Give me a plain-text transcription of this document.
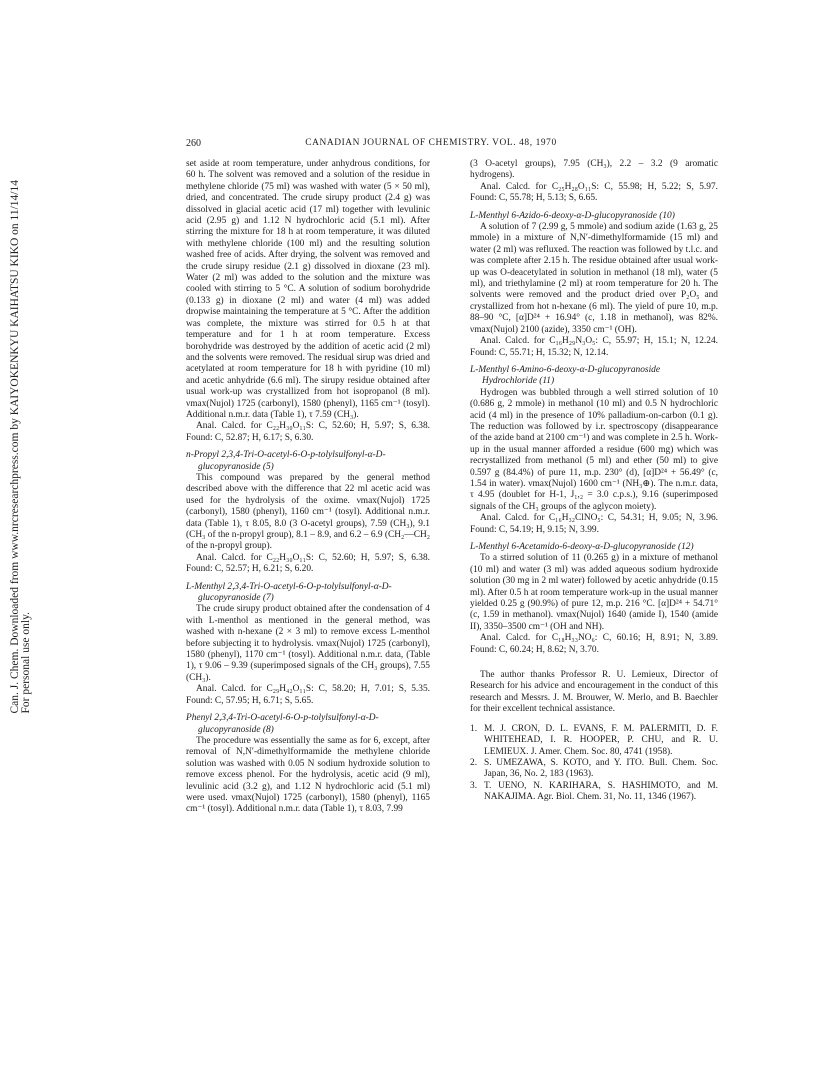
Can. J. Chem. Downloaded from www.nrcresearchpress.com by KAIYOKENKYU KAIHATSU KIKO on 11/14/14
For personal use only.
260	CANADIAN JOURNAL OF CHEMISTRY. VOL. 48, 1970

set aside at room temperature, under anhydrous conditions, for 60 h. The solvent was removed and a solution of the residue in methylene chloride (75 ml) was washed with water (5 × 50 ml), dried, and concentrated. The crude sirupy product (2.4 g) was dissolved in glacial acetic acid (17 ml) together with levulinic acid (2.95 g) and 1.12 N hydrochloric acid (5.1 ml). After stirring the mixture for 18 h at room temperature, it was diluted with methylene chloride (100 ml) and the resulting solution washed free of acids. After drying, the solvent was removed and the crude sirupy residue (2.1 g) dissolved in dioxane (23 ml). Water (2 ml) was added to the solution and the mixture was cooled with stirring to 5 °C. A solution of sodium borohydride (0.133 g) in dioxane (2 ml) and water (4 ml) was added dropwise maintaining the temperature at 5 °C. After the addition was complete, the mixture was stirred for 0.5 h at that temperature and for 1 h at room temperature. Excess borohydride was destroyed by the addition of acetic acid (2 ml) and the solvents were removed. The residual sirup was dried and acetylated at room temperature for 18 h with pyridine (10 ml) and acetic anhydride (6.6 ml). The sirupy residue obtained after usual work-up was crystallized from hot isopropanol (8 ml). νmax(Nujol) 1725 (carbonyl), 1580 (phenyl), 1165 cm⁻¹ (tosyl). Additional n.m.r. data (Table 1), τ 7.59 (CH₃).

Anal. Calcd. for C₂₂H₃₀O₁₁S: C, 52.60; H, 5.97; S, 6.38. Found: C, 52.87; H, 6.17; S, 6.30.

n-Propyl 2,3,4-Tri-O-acetyl-6-O-p-tolylsulfonyl-α-D-
glucopyranoside (5)

This compound was prepared by the general method described above with the difference that 22 ml acetic acid was used for the hydrolysis of the oxime. νmax(Nujol) 1725 (carbonyl), 1580 (phenyl), 1160 cm⁻¹ (tosyl). Additional n.m.r. data (Table 1), τ 8.05, 8.0 (3 O-acetyl groups), 7.59 (CH₃), 9.1 (CH₃ of the n-propyl group), 8.1 – 8.9, and 6.2 – 6.9 (CH₂—CH₂ of the n-propyl group).

Anal. Calcd. for C₂₂H₃₀O₁₁S: C, 52.60; H, 5.97; S, 6.38. Found: C, 52.57; H, 6.21; S, 6.20.

L-Menthyl 2,3,4-Tri-O-acetyl-6-O-p-tolylsulfonyl-α-D-
glucopyranoside (7)

The crude sirupy product obtained after the condensation of 4 with L-menthol as mentioned in the general method, was washed with n-hexane (2 × 3 ml) to remove excess L-menthol before subjecting it to hydrolysis. νmax(Nujol) 1725 (carbonyl), 1580 (phenyl), 1170 cm⁻¹ (tosyl). Additional n.m.r. data, (Table 1), τ 9.06 – 9.39 (superimposed signals of the CH₃ groups), 7.55 (CH₃).

Anal. Calcd. for C₂₉H₄₂O₁₁S: C, 58.20; H, 7.01; S, 5.35. Found: C, 57.95; H, 6.71; S, 5.65.

Phenyl 2,3,4-Tri-O-acetyl-6-O-p-tolylsulfonyl-α-D-
glucopyranoside (8)

The procedure was essentially the same as for 6, except, after removal of N,N′-dimethylformamide the methylene chloride solution was washed with 0.05 N sodium hydroxide solution to remove excess phenol. For the hydrolysis, acetic acid (9 ml), levulinic acid (3.2 g), and 1.12 N hydrochloric acid (5.1 ml) were used. νmax(Nujol) 1725 (carbonyl), 1580 (phenyl), 1165 cm⁻¹ (tosyl). Additional n.m.r. data (Table 1), τ 8.03, 7.99

(3 O-acetyl groups), 7.95 (CH₃), 2.2 – 3.2 (9 aromatic hydrogens).

Anal. Calcd. for C₂₅H₂₈O₁₁S: C, 55.98; H, 5.22; S, 5.97. Found: C, 55.78; H, 5.13; S, 6.65.

L-Menthyl 6-Azido-6-deoxy-α-D-glucopyranoside (10)

A solution of 7 (2.99 g, 5 mmole) and sodium azide (1.63 g, 25 mmole) in a mixture of N,N′-dimethylformamide (15 ml) and water (2 ml) was refluxed. The reaction was followed by t.l.c. and was complete after 2.15 h. The residue obtained after usual work-up was O-deacetylated in solution in methanol (18 ml), water (5 ml), and triethylamine (2 ml) at room temperature for 20 h. The solvents were removed and the product dried over P₂O₅ and crystallized from hot n-hexane (6 ml). The yield of pure 10, m.p. 88–90 °C, [α]D²⁴ + 16.94° (c, 1.18 in methanol), was 82%. νmax(Nujol) 2100 (azide), 3350 cm⁻¹ (OH).

Anal. Calcd. for C₁₆H₂₉N₃O₅: C, 55.97; H, 15.1; N, 12.24. Found: C, 55.71; H, 15.32; N, 12.14.

L-Menthyl 6-Amino-6-deoxy-α-D-glucopyranoside
Hydrochloride (11)

Hydrogen was bubbled through a well stirred solution of 10 (0.686 g, 2 mmole) in methanol (10 ml) and 0.5 N hydrochloric acid (4 ml) in the presence of 10% palladium-on-carbon (0.1 g). The reduction was followed by i.r. spectroscopy (disappearance of the azide band at 2100 cm⁻¹) and was complete in 2.5 h. Work-up in the usual manner afforded a residue (600 mg) which was recrystallized from methanol (5 ml) and ether (50 ml) to give 0.597 g (84.4%) of pure 11, m.p. 230° (d), [α]D²⁴ + 56.49° (c, 1.54 in water). νmax(Nujol) 1600 cm⁻¹ (NH₃⊕). The n.m.r. data, τ 4.95 (doublet for H-1, J₁,₂ = 3.0 c.p.s.), 9.16 (superimposed signals of the CH₃ groups of the aglycon moiety).

Anal. Calcd. for C₁₆H₃₂ClNO₅: C, 54.31; H, 9.05; N, 3.96. Found: C, 54.19; H, 9.15; N, 3.99.

L-Menthyl 6-Acetamido-6-deoxy-α-D-glucopyranoside (12)

To a stirred solution of 11 (0.265 g) in a mixture of methanol (10 ml) and water (3 ml) was added aqueous sodium hydroxide solution (30 mg in 2 ml water) followed by acetic anhydride (0.15 ml). After 0.5 h at room temperature work-up in the usual manner yielded 0.25 g (90.9%) of pure 12, m.p. 216 °C. [α]D²⁴ + 54.71° (c, 1.59 in methanol). νmax(Nujol) 1640 (amide I), 1540 (amide II), 3350–3500 cm⁻¹ (OH and NH).

Anal. Calcd. for C₁₈H₃₃NO₆: C, 60.16; H, 8.91; N, 3.89. Found: C, 60.24; H, 8.62; N, 3.70.

The author thanks Professor R. U. Lemieux, Director of Research for his advice and encouragement in the conduct of this research and Messrs. J. M. Brouwer, W. Merlo, and B. Baechler for their excellent technical assistance.

1. M. J. CRON, D. L. EVANS, F. M. PALERMITI, D. F. WHITEHEAD, I. R. HOOPER, P. CHU, and R. U. LEMIEUX. J. Amer. Chem. Soc. 80, 4741 (1958).
2. S. UMEZAWA, S. KOTO, and Y. ITO. Bull. Chem. Soc. Japan, 36, No. 2, 183 (1963).
3. T. UENO, N. KARIHARA, S. HASHIMOTO, and M. NAKAJIMA. Agr. Biol. Chem. 31, No. 11, 1346 (1967).
